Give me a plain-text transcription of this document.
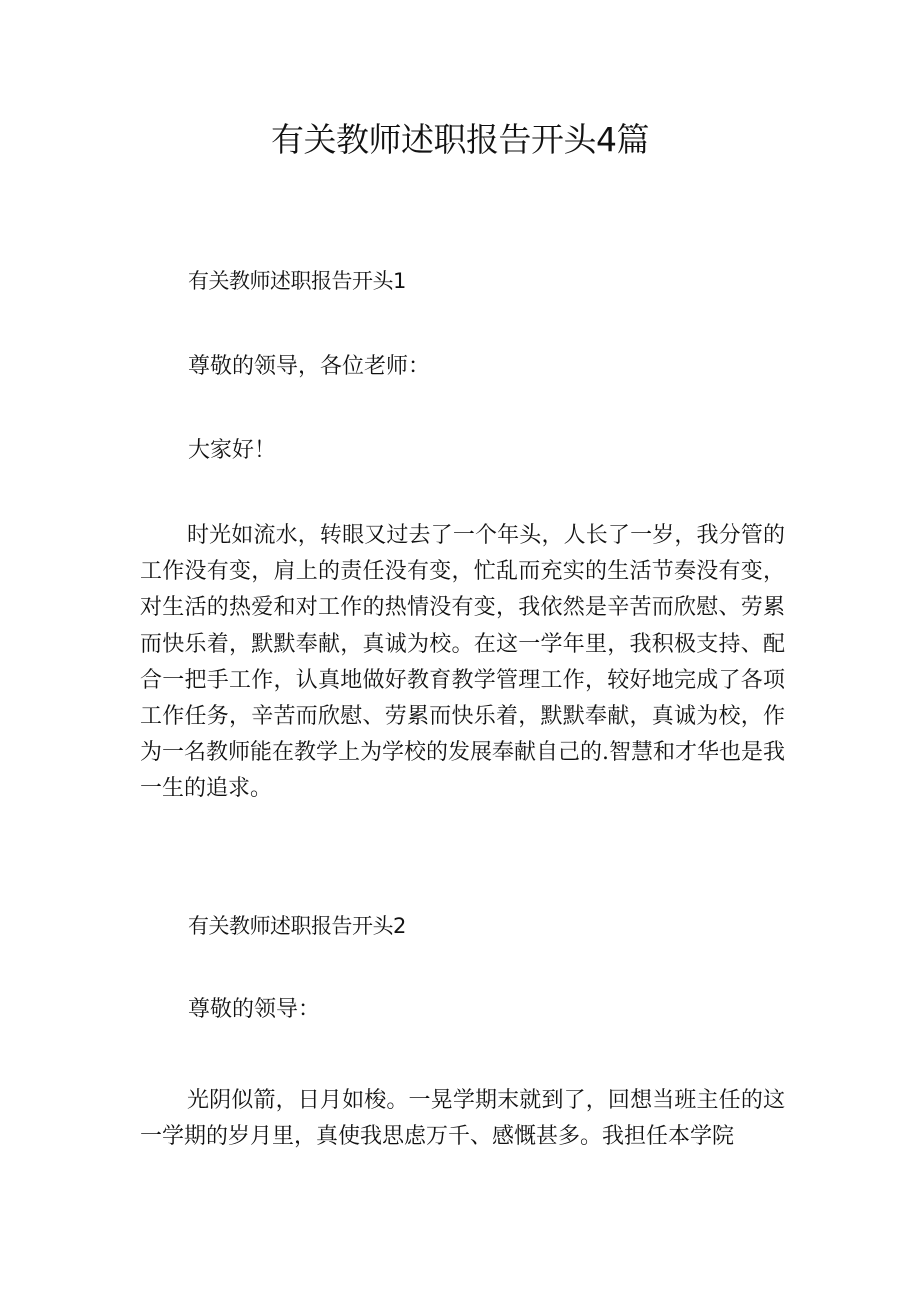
有关教师述职报告开头4篇
有关教师述职报告开头1

尊敬的领导，各位老师：

大家好！

时光如流水，转眼又过去了一个年头，人长了一岁，我分管的工作没有变，肩上的责任没有变，忙乱而充实的生活节奏没有变，对生活的热爱和对工作的热情没有变，我依然是辛苦而欣慰、劳累而快乐着，默默奉献，真诚为校。在这一学年里，我积极支持、配合一把手工作，认真地做好教育教学管理工作，较好地完成了各项工作任务，辛苦而欣慰、劳累而快乐着，默默奉献，真诚为校，作为一名教师能在教学上为学校的发展奉献自己的.智慧和才华也是我一生的追求。

有关教师述职报告开头2

尊敬的领导：

光阴似箭，日月如梭。一晃学期末就到了，回想当班主任的这一学期的岁月里，真使我思虑万千、感慨甚多。我担任本学院
